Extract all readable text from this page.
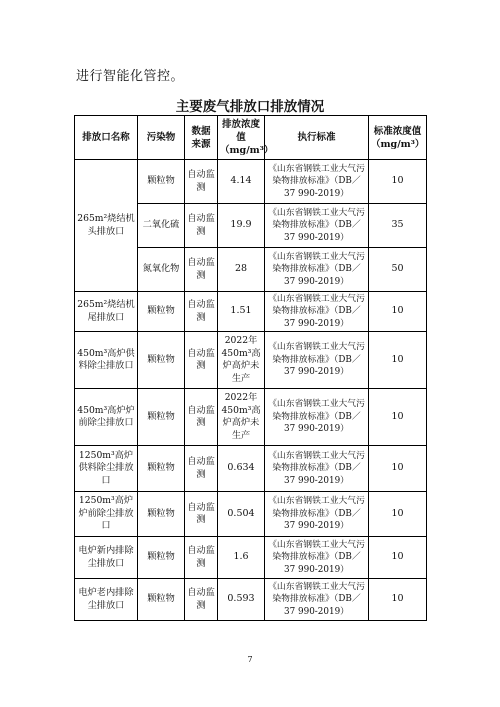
进行智能化管控。
主要废气排放口排放情况
排放口名称	污染物	数据来源	排放浓度值（mg/m³）	执行标准	标准浓度值（mg/m³）
265m²烧结机头排放口	颗粒物	自动监测	4.14	《山东省钢铁工业大气污染物排放标准》（DB／37 990-2019）	10
	二氧化硫	自动监测	19.9	《山东省钢铁工业大气污染物排放标准》（DB／37 990-2019）	35
	氮氧化物	自动监测	28	《山东省钢铁工业大气污染物排放标准》（DB／37 990-2019）	50
265m²烧结机尾排放口	颗粒物	自动监测	1.51	《山东省钢铁工业大气污染物排放标准》（DB／37 990-2019）	10
450m³高炉供料除尘排放口	颗粒物	自动监测	2022年450m³高炉高炉未生产	《山东省钢铁工业大气污染物排放标准》（DB／37 990-2019）	10
450m³高炉炉前除尘排放口	颗粒物	自动监测	2022年450m³高炉高炉未生产	《山东省钢铁工业大气污染物排放标准》（DB／37 990-2019）	10
1250m³高炉供料除尘排放口	颗粒物	自动监测	0.634	《山东省钢铁工业大气污染物排放标准》（DB／37 990-2019）	10
1250m³高炉炉前除尘排放口	颗粒物	自动监测	0.504	《山东省钢铁工业大气污染物排放标准》（DB／37 990-2019）	10
电炉新内排除尘排放口	颗粒物	自动监测	1.6	《山东省钢铁工业大气污染物排放标准》（DB／37 990-2019）	10
电炉老内排除尘排放口	颗粒物	自动监测	0.593	《山东省钢铁工业大气污染物排放标准》（DB／37 990-2019）	10
7
